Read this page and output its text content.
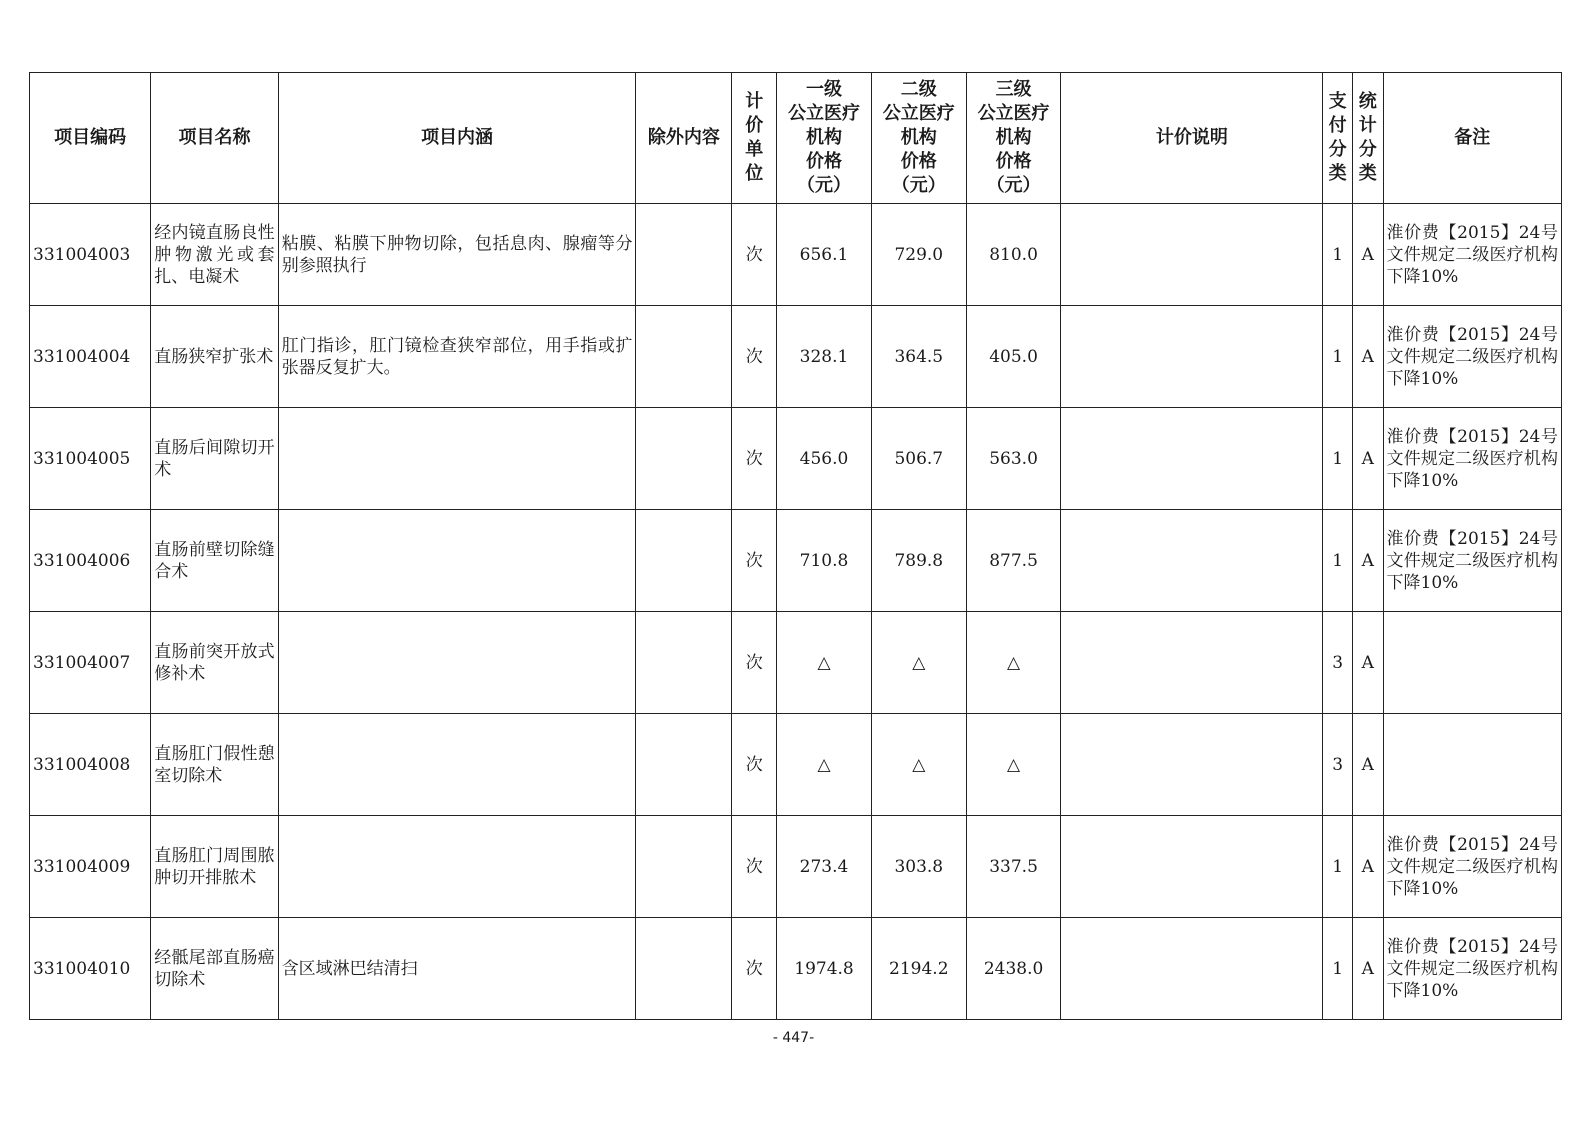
项目编码	项目名称	项目内涵	除外内容	计
价
单
位	一级
公立医疗
机构
价格
（元）	二级
公立医疗
机构
价格
（元）	三级
公立医疗
机构
价格
（元）	计价说明	支
付
分
类	统
计
分
类	备注
331004003	经内镜直肠良性肿物激光或套扎、电凝术	粘膜、粘膜下肿物切除，包括息肉、腺瘤等分别参照执行		次	656.1	729.0	810.0		1	A	淮价费【2015】24号文件规定二级医疗机构下降10%
331004004	直肠狭窄扩张术	肛门指诊，肛门镜检查狭窄部位，用手指或扩张器反复扩大。		次	328.1	364.5	405.0		1	A	淮价费【2015】24号文件规定二级医疗机构下降10%
331004005	直肠后间隙切开术			次	456.0	506.7	563.0		1	A	淮价费【2015】24号文件规定二级医疗机构下降10%
331004006	直肠前壁切除缝合术			次	710.8	789.8	877.5		1	A	淮价费【2015】24号文件规定二级医疗机构下降10%
331004007	直肠前突开放式修补术			次	△	△	△		3	A	
331004008	直肠肛门假性憩室切除术			次	△	△	△		3	A	
331004009	直肠肛门周围脓肿切开排脓术			次	273.4	303.8	337.5		1	A	淮价费【2015】24号文件规定二级医疗机构下降10%
331004010	经骶尾部直肠癌切除术	含区域淋巴结清扫		次	1974.8	2194.2	2438.0		1	A	淮价费【2015】24号文件规定二级医疗机构下降10%
- 447-
